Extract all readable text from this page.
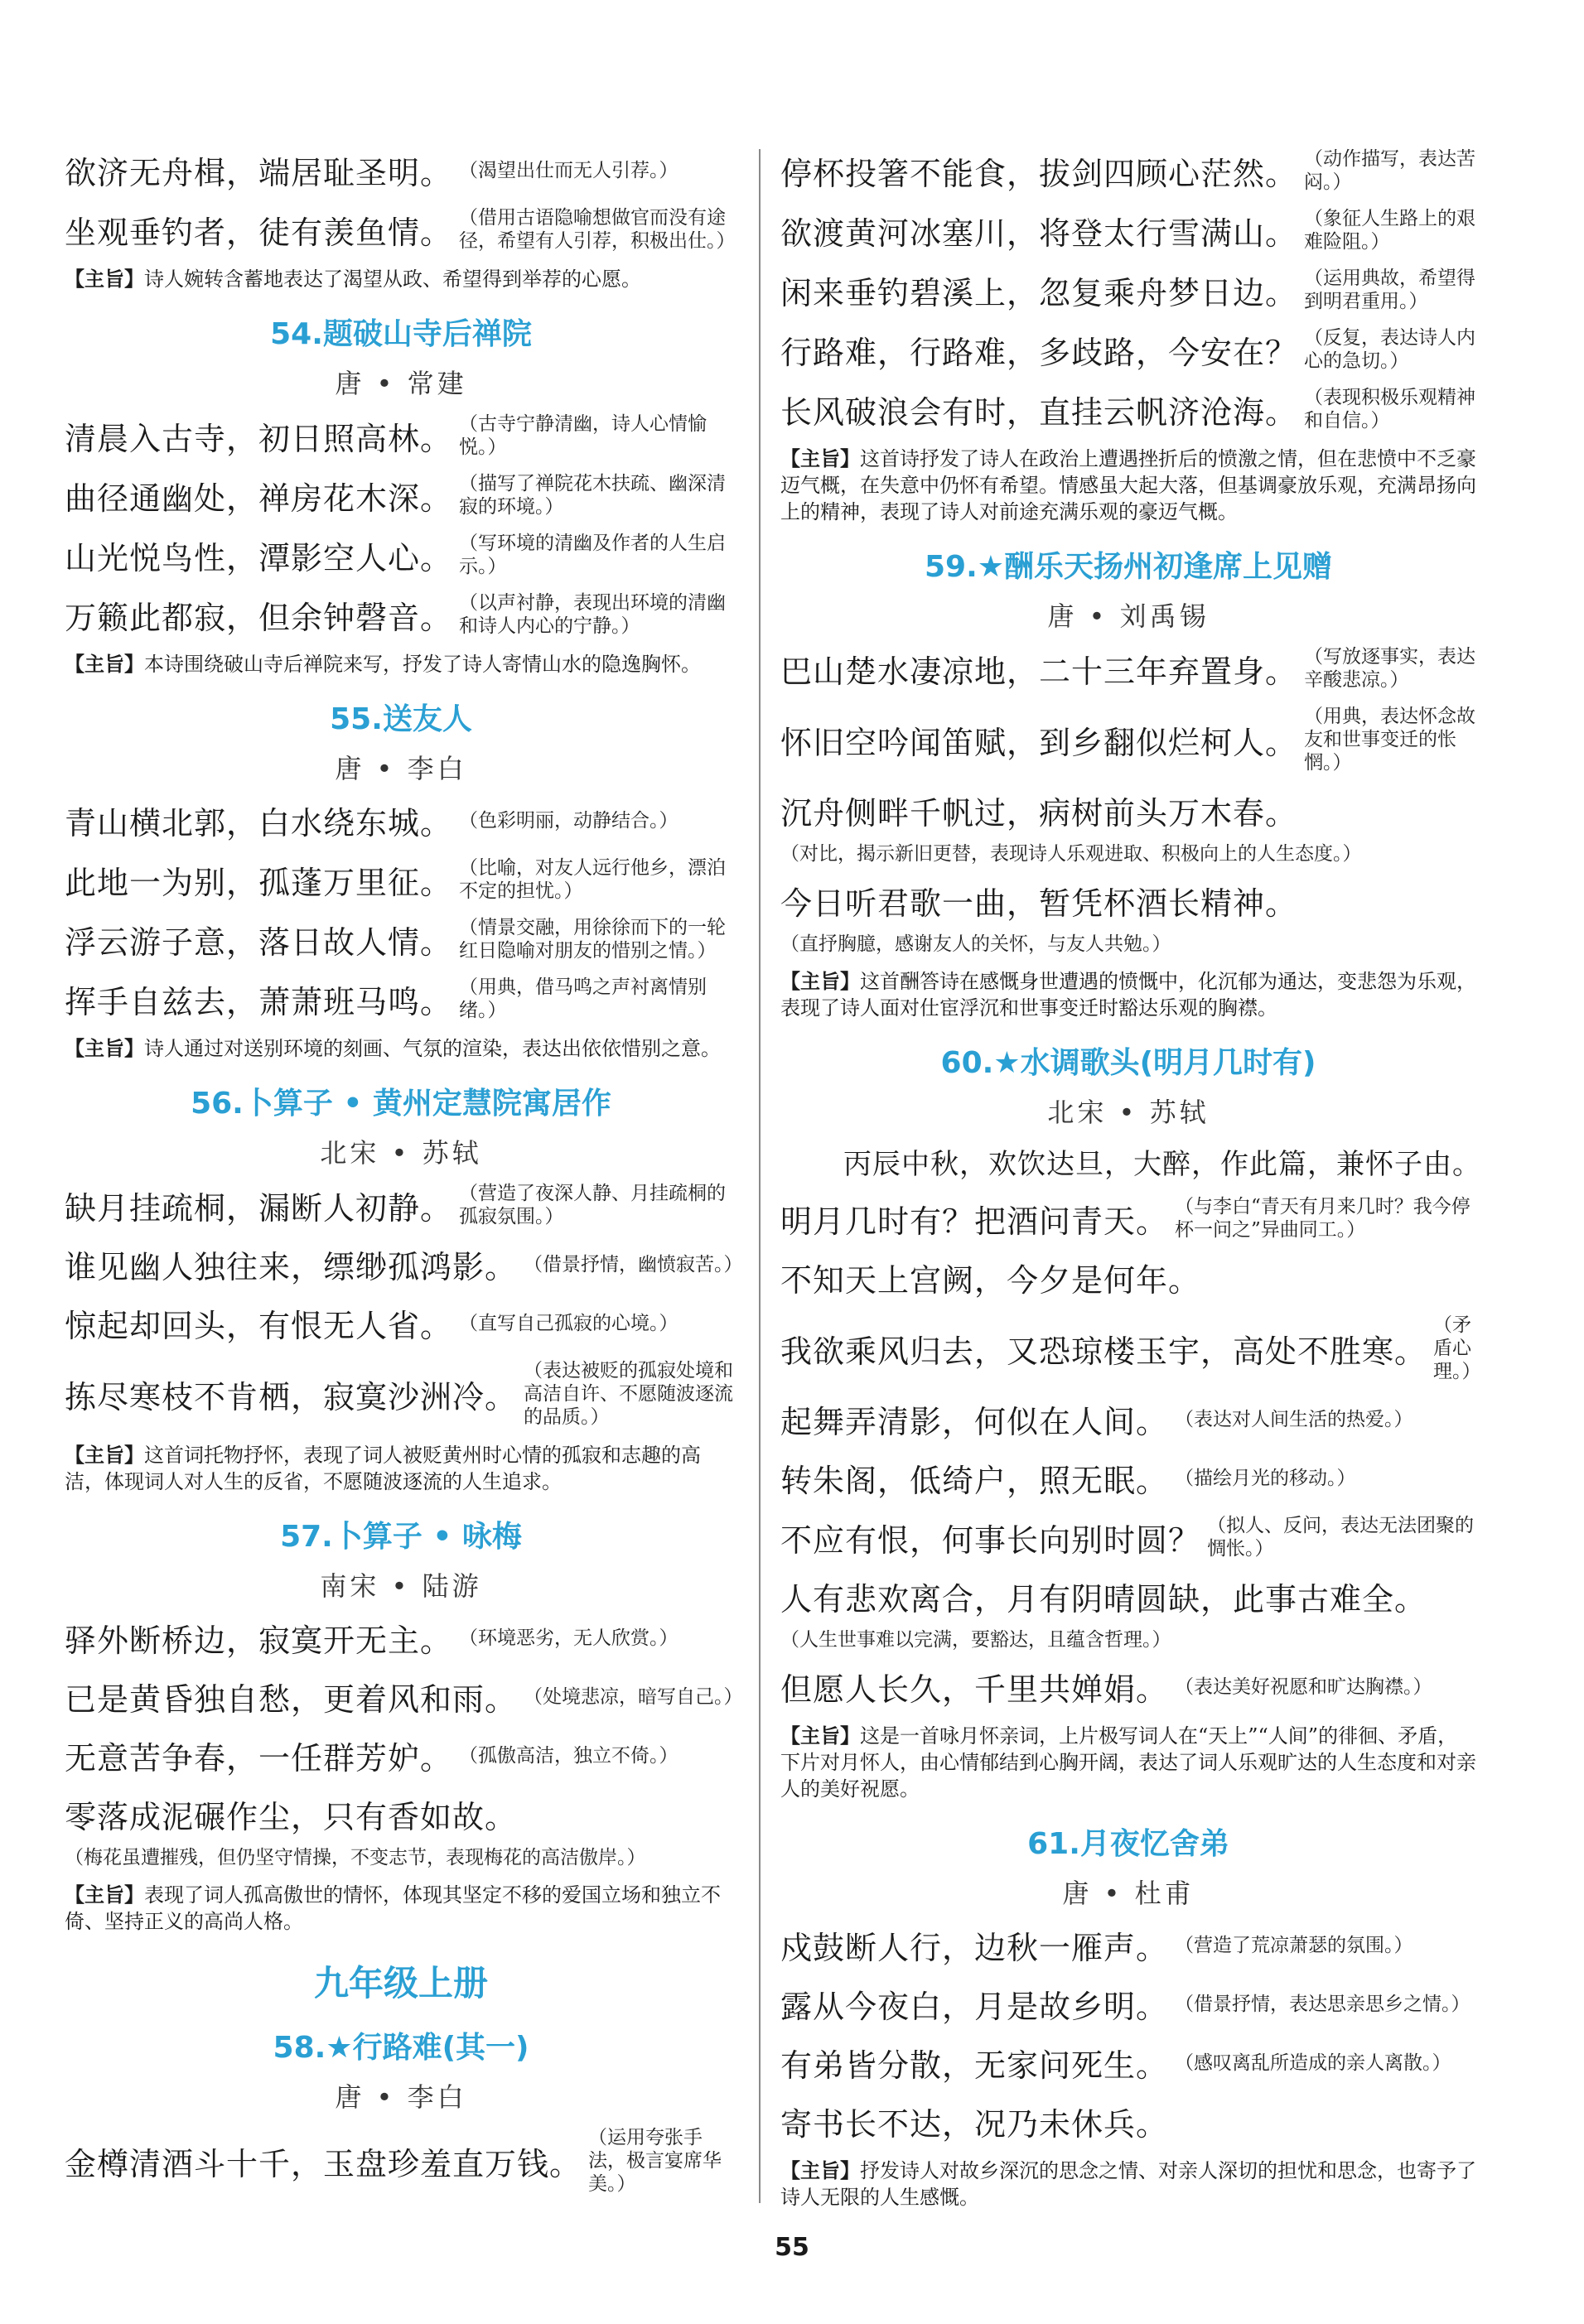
欲济无舟楫，端居耻圣明。 （渴望出仕而无人引荐。）
坐观垂钓者，徒有羡鱼情。 （借用古语隐喻想做官而没有途径，希望有人引荐，积极出仕。）
【主旨】诗人婉转含蓄地表达了渴望从政、希望得到举荐的心愿。
54.题破山寺后禅院
唐 • 常建
清晨入古寺，初日照高林。 （古寺宁静清幽，诗人心情愉悦。）
曲径通幽处，禅房花木深。 （描写了禅院花木扶疏、幽深清寂的环境。）
山光悦鸟性，潭影空人心。 （写环境的清幽及作者的人生启示。）
万籁此都寂，但余钟磬音。 （以声衬静，表现出环境的清幽和诗人内心的宁静。）
【主旨】本诗围绕破山寺后禅院来写，抒发了诗人寄情山水的隐逸胸怀。
55.送友人
唐 • 李白
青山横北郭，白水绕东城。 （色彩明丽，动静结合。）
此地一为别，孤蓬万里征。 （比喻，对友人远行他乡，漂泊不定的担忧。）
浮云游子意，落日故人情。 （情景交融，用徐徐而下的一轮红日隐喻对朋友的惜别之情。）
挥手自兹去，萧萧班马鸣。 （用典，借马鸣之声衬离情别绪。）
【主旨】诗人通过对送别环境的刻画、气氛的渲染，表达出依依惜别之意。
56.卜算子 • 黄州定慧院寓居作
北宋 • 苏轼
缺月挂疏桐，漏断人初静。 （营造了夜深人静、月挂疏桐的孤寂氛围。）
谁见幽人独往来，缥缈孤鸿影。 （借景抒情，幽愤寂苦。）
惊起却回头，有恨无人省。 （直写自己孤寂的心境。）
拣尽寒枝不肯栖，寂寞沙洲冷。
（表达被贬的孤寂处境和高洁自许、不愿随波逐流的品质。）
【主旨】这首词托物抒怀，表现了词人被贬黄州时心情的孤寂和志趣的高洁，体现词人对人生的反省，不愿随波逐流的人生追求。
57.卜算子 • 咏梅
南宋 • 陆游
驿外断桥边，寂寞开无主。 （环境恶劣，无人欣赏。）
已是黄昏独自愁，更着风和雨。 （处境悲凉，暗写自己。）
无意苦争春，一任群芳妒。 （孤傲高洁，独立不倚。）
零落成泥碾作尘，只有香如故。
（梅花虽遭摧残，但仍坚守情操，不变志节，表现梅花的高洁傲岸。）
【主旨】表现了词人孤高傲世的情怀，体现其坚定不移的爱国立场和独立不倚、坚持正义的高尚人格。
九年级上册
58.★行路难(其一)
唐 • 李白
金樽清酒斗十千，玉盘珍羞直万钱。
（运用夸张手法，极言宴席华美。）
停杯投箸不能食，拔剑四顾心茫然。 （动作描写，表达苦闷。）
欲渡黄河冰塞川，将登太行雪满山。 （象征人生路上的艰难险阻。）
闲来垂钓碧溪上，忽复乘舟梦日边。 （运用典故，希望得到明君重用。）
行路难，行路难，多歧路，今安在？ （反复，表达诗人内心的急切。）
长风破浪会有时，直挂云帆济沧海。 （表现积极乐观精神和自信。）
【主旨】这首诗抒发了诗人在政治上遭遇挫折后的愤激之情，但在悲愤中不乏豪迈气概，在失意中仍怀有希望。情感虽大起大落，但基调豪放乐观，充满昂扬向上的精神，表现了诗人对前途充满乐观的豪迈气概。
59.★酬乐天扬州初逢席上见赠
唐 • 刘禹锡
巴山楚水凄凉地，二十三年弃置身。 （写放逐事实，表达辛酸悲凉。）
怀旧空吟闻笛赋，到乡翻似烂柯人。
（用典，表达怀念故友和世事变迁的怅惘。）
沉舟侧畔千帆过，病树前头万木春。
（对比，揭示新旧更替，表现诗人乐观进取、积极向上的人生态度。）
今日听君歌一曲，暂凭杯酒长精神。
（直抒胸臆，感谢友人的关怀，与友人共勉。）
【主旨】这首酬答诗在感慨身世遭遇的愤慨中，化沉郁为通达，变悲怨为乐观，表现了诗人面对仕宦浮沉和世事变迁时豁达乐观的胸襟。
60.★水调歌头(明月几时有)
北宋 • 苏轼
丙辰中秋，欢饮达旦，大醉，作此篇，兼怀子由。
明月几时有？把酒问青天。 （与李白“青天有月来几时？我今停杯一问之”异曲同工。）
不知天上宫阙，今夕是何年。
我欲乘风归去，又恐琼楼玉宇，高处不胜寒。
（矛盾心理。）
起舞弄清影，何似在人间。 （表达对人间生活的热爱。）
转朱阁，低绮户，照无眠。 （描绘月光的移动。）
不应有恨，何事长向别时圆？ （拟人、反问，表达无法团聚的惆怅。）
人有悲欢离合，月有阴晴圆缺，此事古难全。
（人生世事难以完满，要豁达，且蕴含哲理。）
但愿人长久，千里共婵娟。 （表达美好祝愿和旷达胸襟。）
【主旨】这是一首咏月怀亲词，上片极写词人在“天上”“人间”的徘徊、矛盾，下片对月怀人，由心情郁结到心胸开阔，表达了词人乐观旷达的人生态度和对亲人的美好祝愿。
61.月夜忆舍弟
唐 • 杜甫
戍鼓断人行，边秋一雁声。 （营造了荒凉萧瑟的氛围。）
露从今夜白，月是故乡明。 （借景抒情，表达思亲思乡之情。）
有弟皆分散，无家问死生。 （感叹离乱所造成的亲人离散。）
寄书长不达，况乃未休兵。
【主旨】抒发诗人对故乡深沉的思念之情、对亲人深切的担忧和思念，也寄予了诗人无限的人生感慨。
55
